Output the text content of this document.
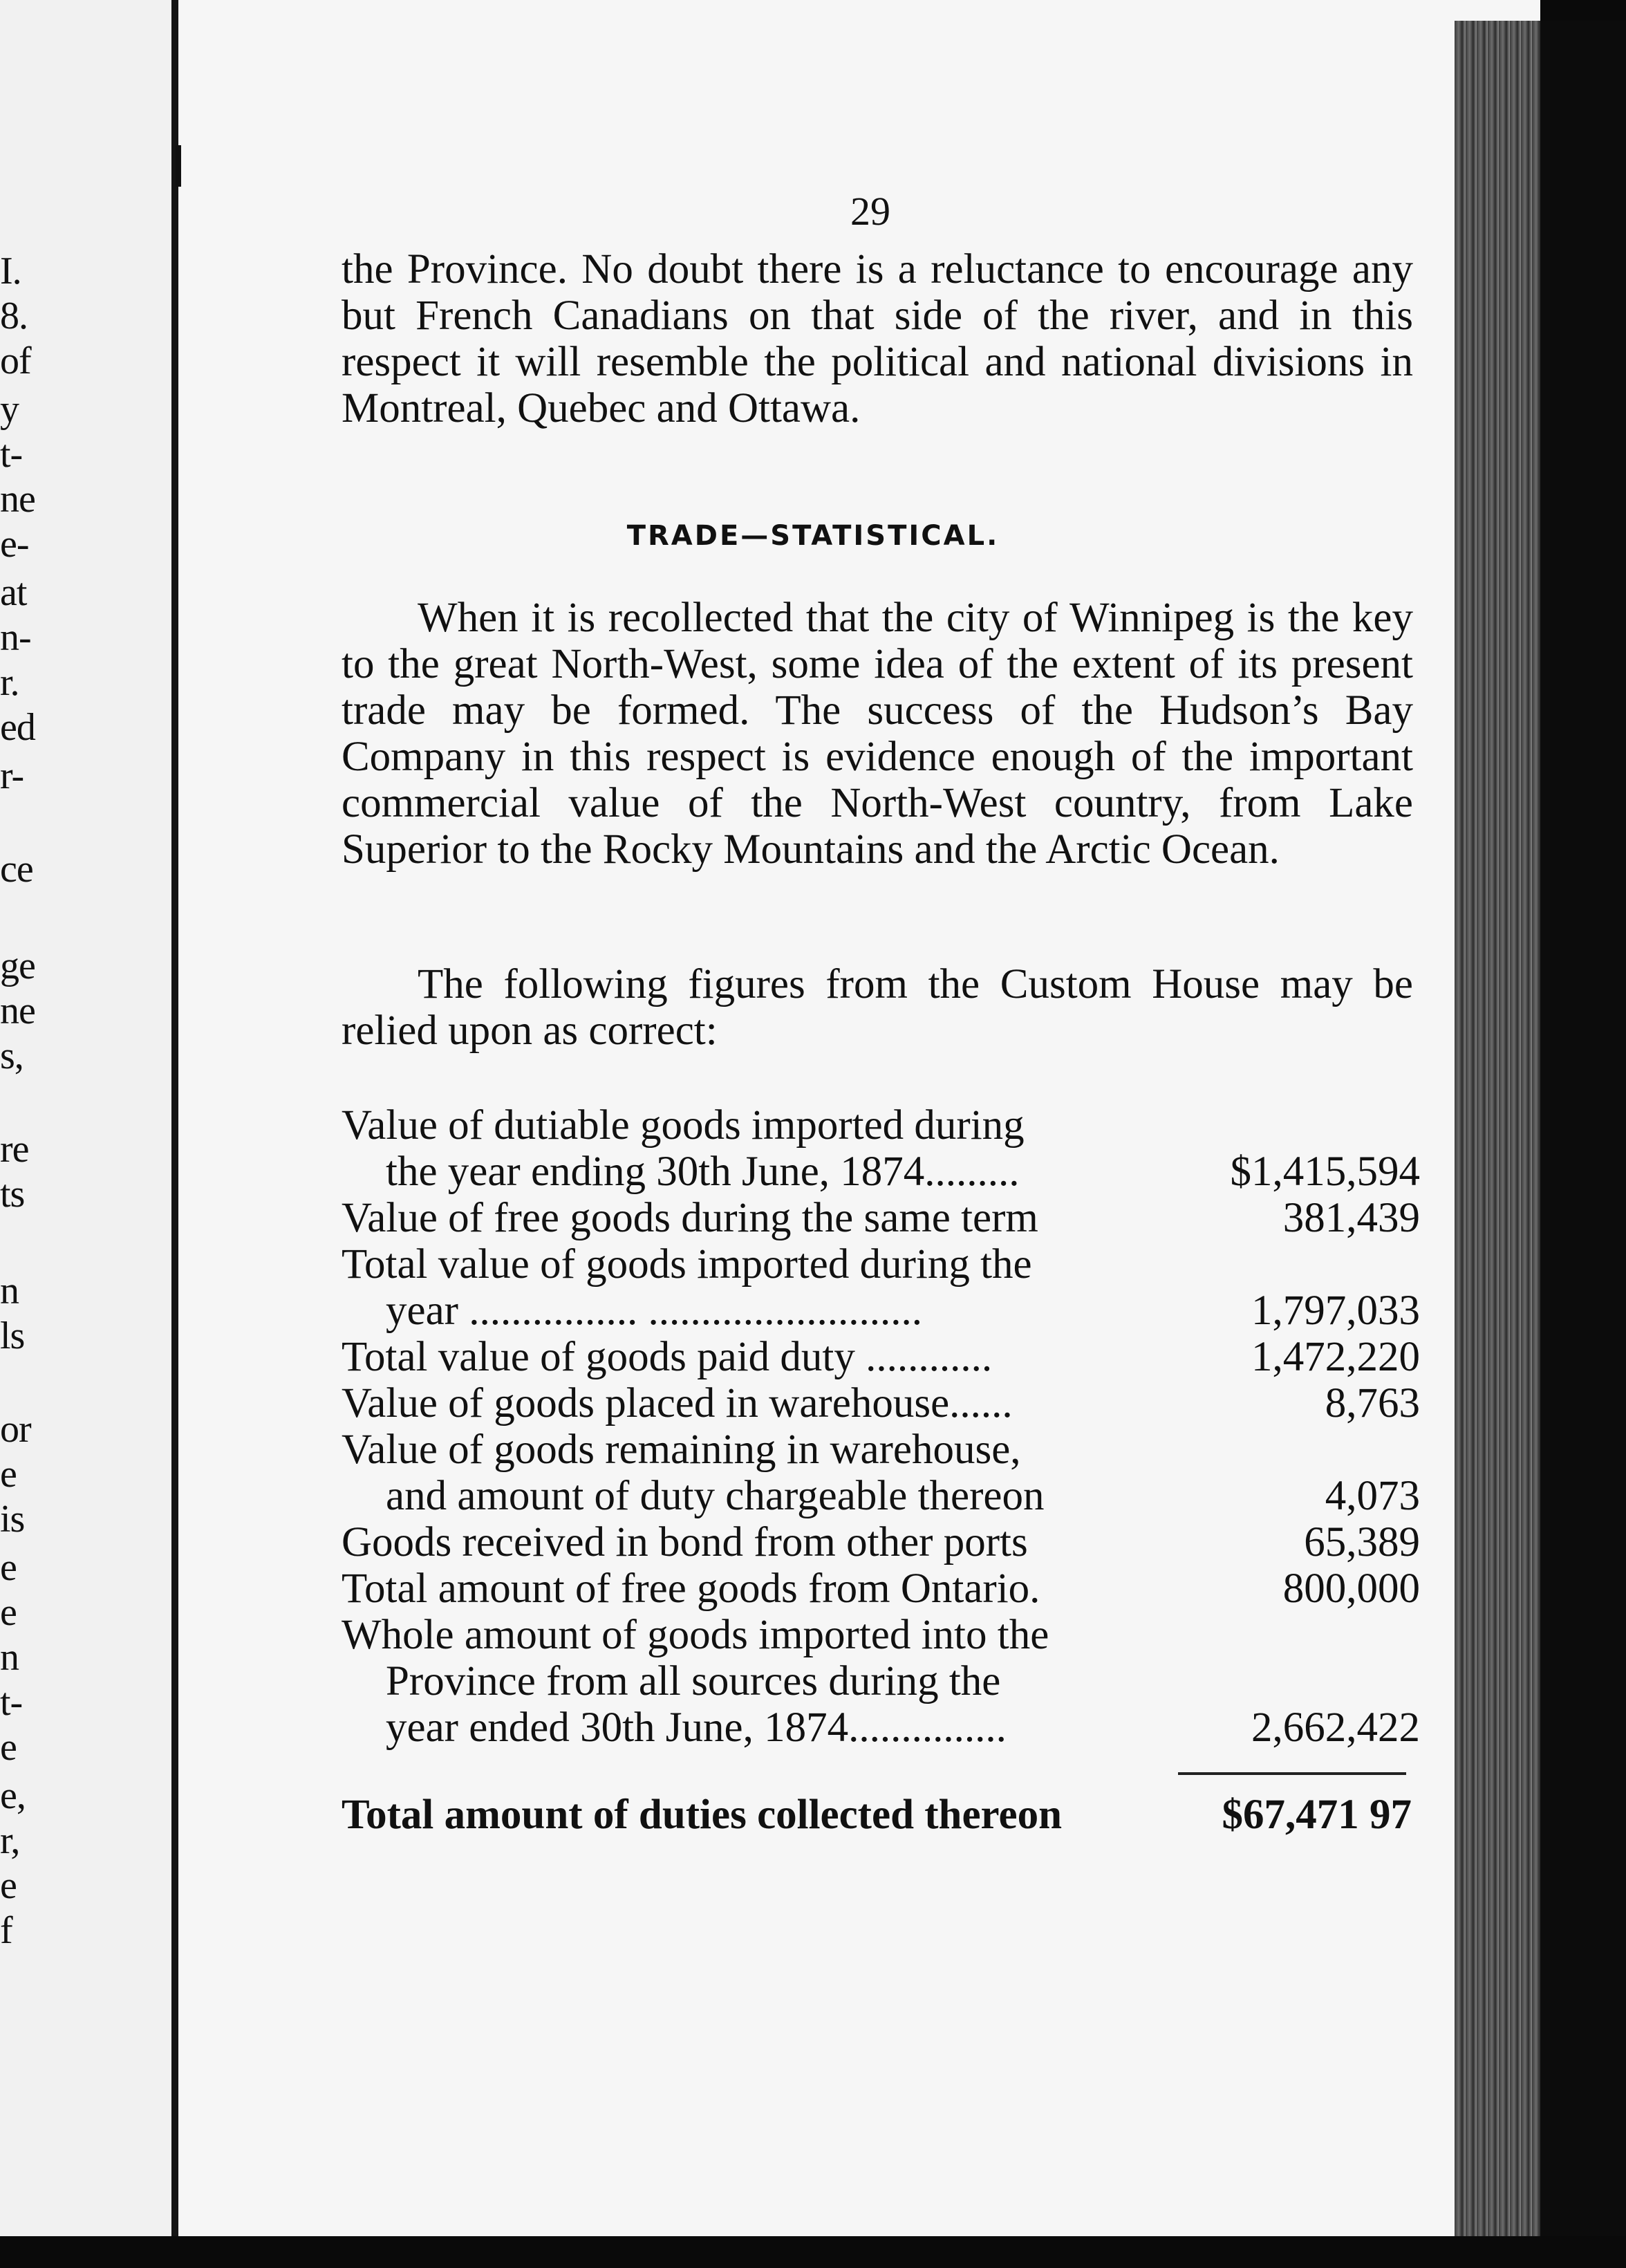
I.
8.
of
y
t-
ne
e-
at
n-
r.
ed
r-
ce
ge
ne
s,
re
ts
n
ls
or
e
is
e
e
n
t-
e
e,
r,
e
f
29

the Province. No doubt there is a reluctance to encourage any but French Canadians on that side of the river, and in this respect it will resemble the political and national divisions in Montreal, Quebec and Ottawa.

TRADE—STATISTICAL.

When it is recollected that the city of Winnipeg is the key to the great North-West, some idea of the extent of its present trade may be formed. The success of the Hudson’s Bay Company in this respect is evidence enough of the important commercial value of the North-West country, from Lake Superior to the Rocky Mountains and the Arctic Ocean.

The following figures from the Custom House may be relied upon as correct:

Value of dutiable goods imported during
the year ending 30th June, 1874.........	$1,415,594
Value of free goods during the same term	381,439
Total value of goods imported during the
year ................ ..........................	1,797,033
Total value of goods paid duty ............	1,472,220
Value of goods placed in warehouse......	8,763
Value of goods remaining in warehouse,
and amount of duty chargeable thereon	4,073
Goods received in bond from other ports	65,389
Total amount of free goods from Ontario.	800,000
Whole amount of goods imported into the
Province from all sources during the
year ended 30th June, 1874...............	2,662,422
Total amount of duties collected thereon	$67,471 97
